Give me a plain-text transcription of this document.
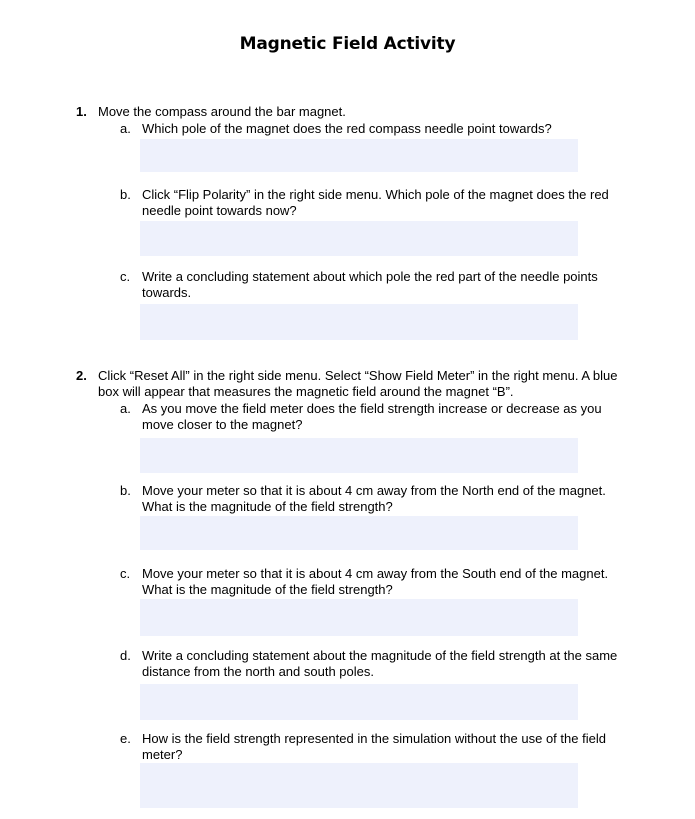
Magnetic Field Activity
1. Move the compass around the bar magnet.
a. Which pole of the magnet does the red compass needle point towards?
b. Click “Flip Polarity” in the right side menu. Which pole of the magnet does the red needle point towards now?
c. Write a concluding statement about which pole the red part of the needle points towards.
2. Click “Reset All” in the right side menu. Select “Show Field Meter” in the right menu. A blue box will appear that measures the magnetic field around the magnet “B”.
a. As you move the field meter does the field strength increase or decrease as you move closer to the magnet?
b. Move your meter so that it is about 4 cm away from the North end of the magnet. What is the magnitude of the field strength?
c. Move your meter so that it is about 4 cm away from the South end of the magnet. What is the magnitude of the field strength?
d. Write a concluding statement about the magnitude of the field strength at the same distance from the north and south poles.
e. How is the field strength represented in the simulation without the use of the field meter?
